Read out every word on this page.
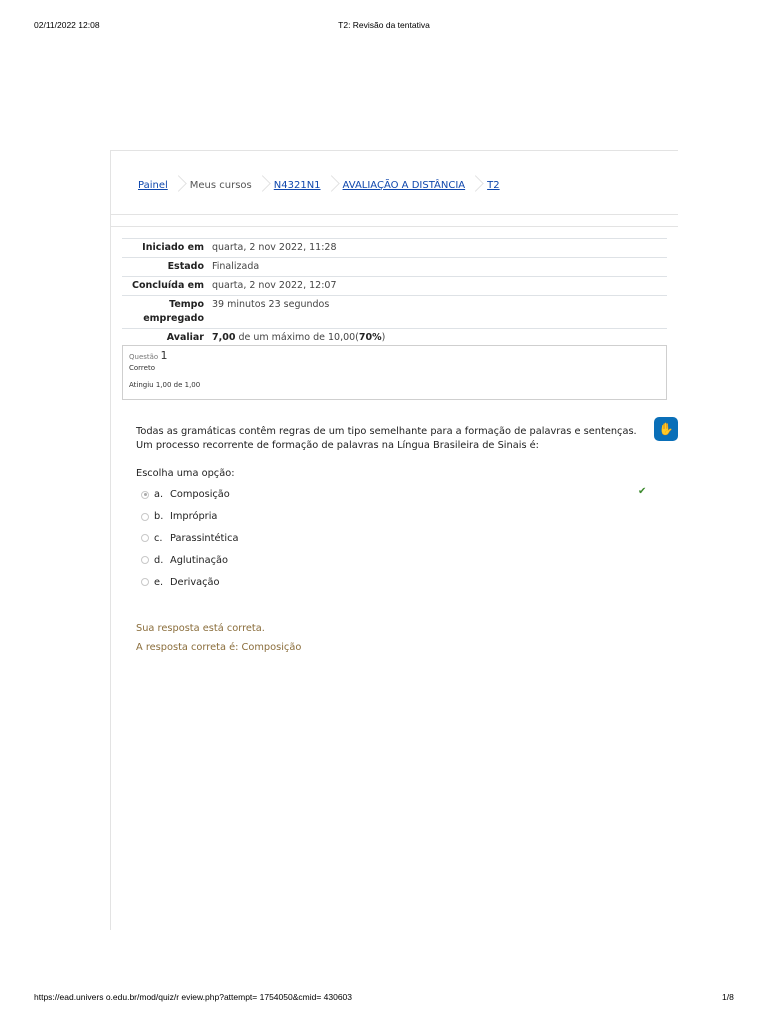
02/11/2022 12:08	T2: Revisão da tentativa
Painel Meus cursos N4321N1 AVALIAÇÃO A DISTÂNCIA T2
Iniciado em quarta, 2 nov 2022, 11:28
Estado Finalizada
Concluída em quarta, 2 nov 2022, 12:07
Tempo
empregado
39 minutos 23 segundos
Avaliar 7,00 de um máximo de 10,00(70%)
Questão 1
Correto
Atingiu 1,00 de 1,00
Todas as gramáticas contêm regras de um tipo semelhante para a formação de palavras e sentenças. Um processo recorrente de formação de palavras na Língua Brasileira de Sinais é:
✋
Escolha uma opção:
a. Composição	✔
b. Imprópria
c. Parassintética
d. Aglutinação
e. Derivação
Sua resposta está correta.
A resposta correta é: Composição
https://ead.univers o.edu.br/mod/quiz/r eview.php?attempt= 1754050&cmid= 430603	1/8
